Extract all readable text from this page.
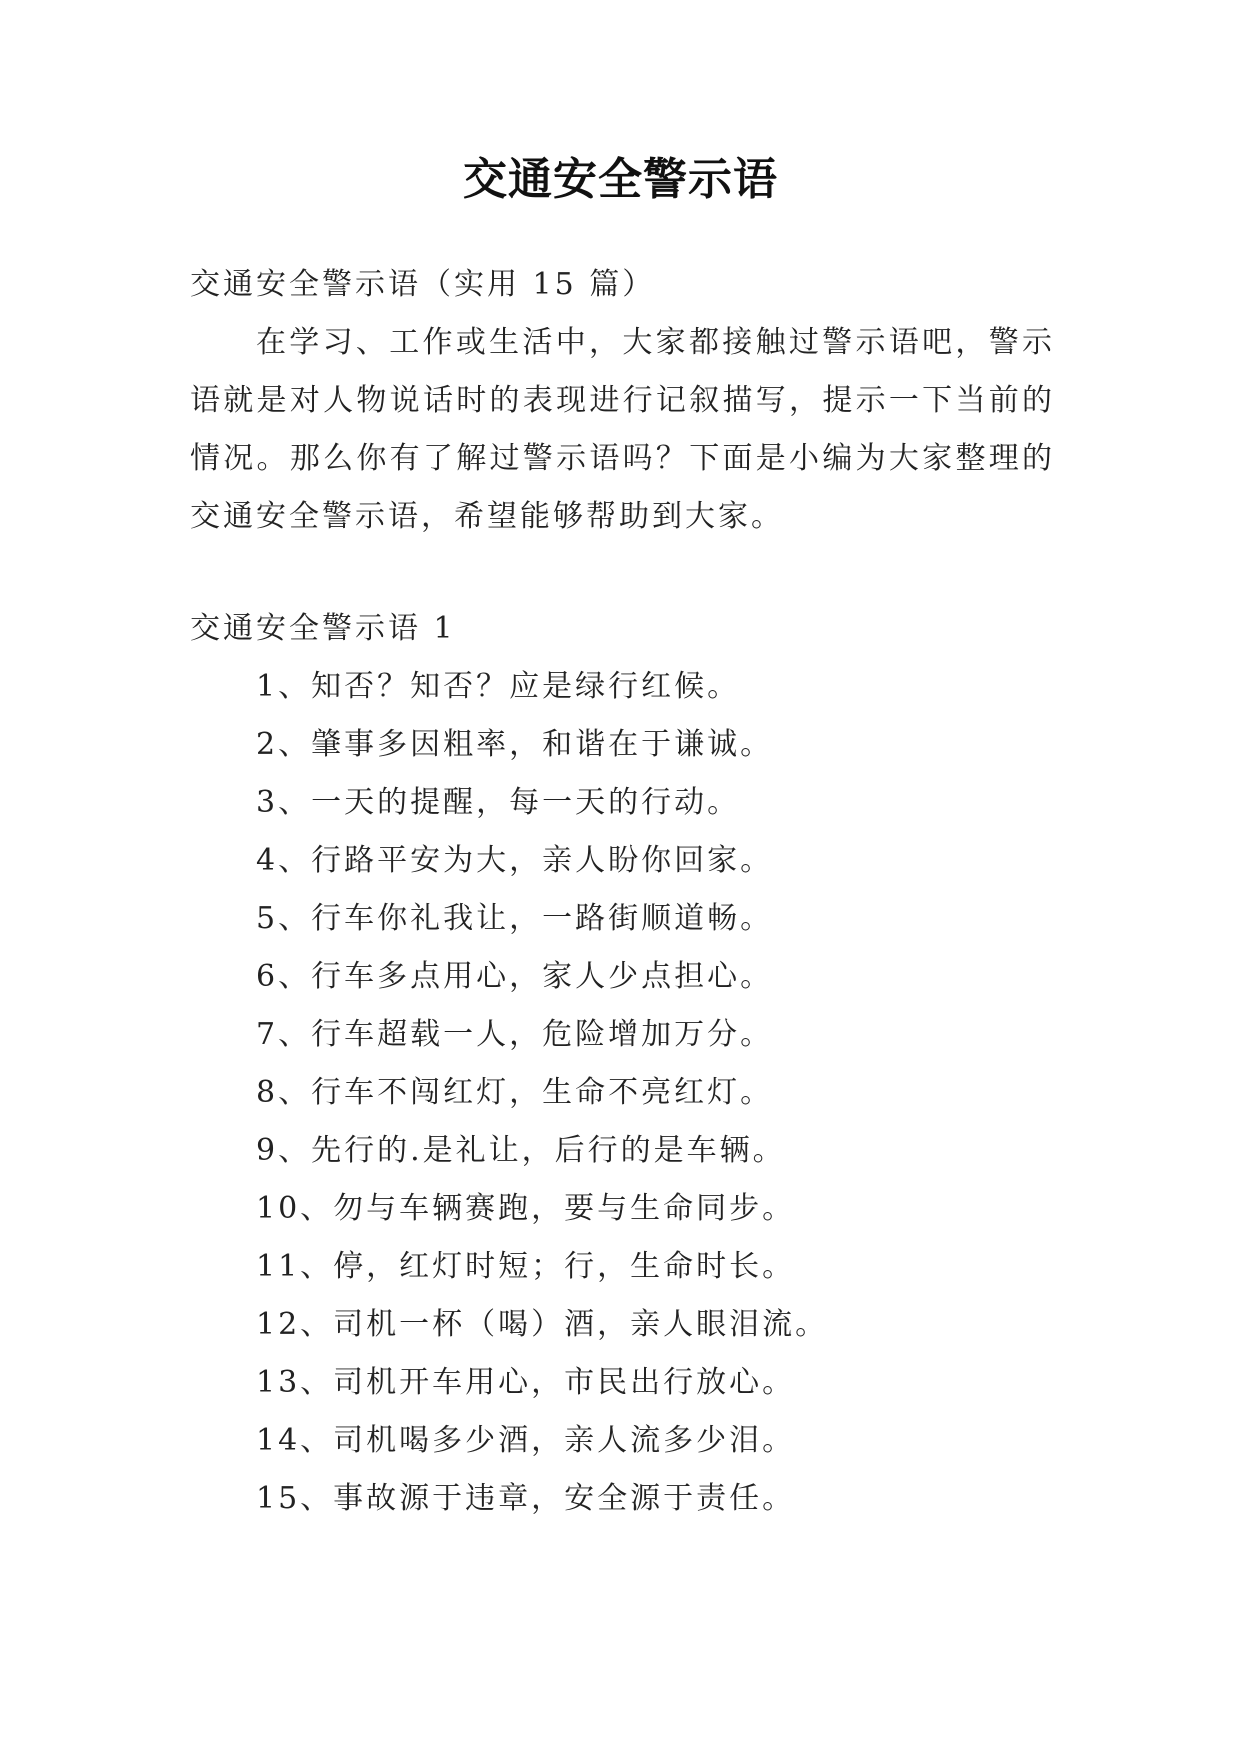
交通安全警示语
交通安全警示语（实用 15 篇）

在学习、工作或生活中，大家都接触过警示语吧，警示语就是对人物说话时的表现进行记叙描写，提示一下当前的情况。那么你有了解过警示语吗？下面是小编为大家整理的交通安全警示语，希望能够帮助到大家。

交通安全警示语 1
1、知否？知否？应是绿行红候。
2、肇事多因粗率，和谐在于谦诚。
3、一天的提醒，每一天的行动。
4、行路平安为大，亲人盼你回家。
5、行车你礼我让，一路街顺道畅。
6、行车多点用心，家人少点担心。
7、行车超载一人，危险增加万分。
8、行车不闯红灯，生命不亮红灯。
9、先行的.是礼让，后行的是车辆。
10、勿与车辆赛跑，要与生命同步。
11、停，红灯时短；行，生命时长。
12、司机一杯（喝）酒，亲人眼泪流。
13、司机开车用心，市民出行放心。
14、司机喝多少酒，亲人流多少泪。
15、事故源于违章，安全源于责任。
